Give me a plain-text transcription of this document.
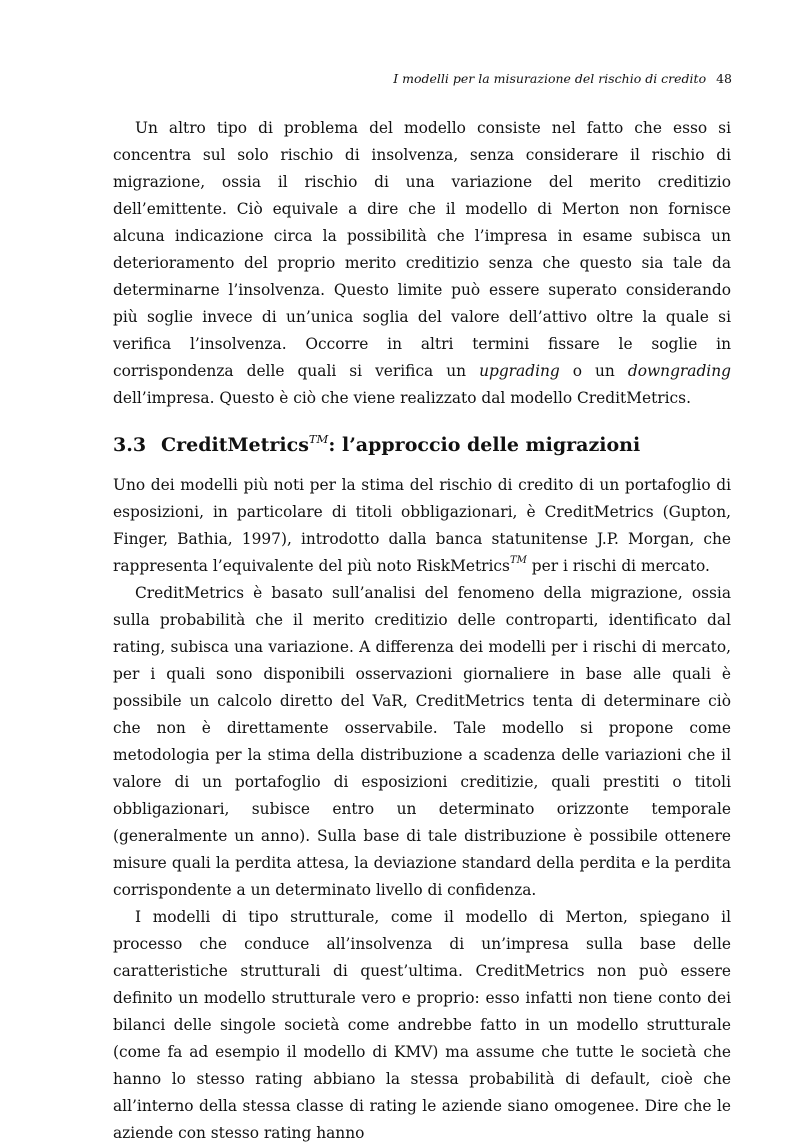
I modelli per la misurazione del rischio di credito 48

Un altro tipo di problema del modello consiste nel fatto che esso si concentra sul solo rischio di insolvenza, senza considerare il rischio di migrazione, ossia il rischio di una variazione del merito creditizio dell’emittente. Ciò equivale a dire che il modello di Merton non fornisce alcuna indicazione circa la possibilità che l’impresa in esame subisca un deterioramento del proprio merito creditizio senza che questo sia tale da determinarne l’insolvenza. Questo limite può essere superato considerando più soglie invece di un’unica soglia del valore dell’attivo oltre la quale si verifica l’insolvenza. Occorre in altri termini fissare le soglie in corrispondenza delle quali si verifica un upgrading o un downgrading dell’impresa. Questo è ciò che viene realizzato dal modello CreditMetrics.

3.3 CreditMetrics™: l’approccio delle migrazioni

Uno dei modelli più noti per la stima del rischio di credito di un portafoglio di esposizioni, in particolare di titoli obbligazionari, è CreditMetrics (Gupton, Finger, Bathia, 1997), introdotto dalla banca statunitense J.P. Morgan, che rappresenta l’equivalente del più noto RiskMetrics™ per i rischi di mercato.

CreditMetrics è basato sull’analisi del fenomeno della migrazione, ossia sulla probabilità che il merito creditizio delle controparti, identificato dal rating, subisca una variazione. A differenza dei modelli per i rischi di mercato, per i quali sono disponibili osservazioni giornaliere in base alle quali è possibile un calcolo diretto del VaR, CreditMetrics tenta di determinare ciò che non è direttamente osservabile. Tale modello si propone come metodologia per la stima della distribuzione a scadenza delle variazioni che il valore di un portafoglio di esposizioni creditizie, quali prestiti o titoli obbligazionari, subisce entro un determinato orizzonte temporale (generalmente un anno). Sulla base di tale distribuzione è possibile ottenere misure quali la perdita attesa, la deviazione standard della perdita e la perdita corrispondente a un determinato livello di confidenza.

I modelli di tipo strutturale, come il modello di Merton, spiegano il processo che conduce all’insolvenza di un’impresa sulla base delle caratteristiche strutturali di quest’ultima. CreditMetrics non può essere definito un modello strutturale vero e proprio: esso infatti non tiene conto dei bilanci delle singole società come andrebbe fatto in un modello strutturale (come fa ad esempio il modello di KMV) ma assume che tutte le società che hanno lo stesso rating abbiano la stessa probabilità di default, cioè che all’interno della stessa classe di rating le aziende siano omogenee. Dire che le aziende con stesso rating hanno
